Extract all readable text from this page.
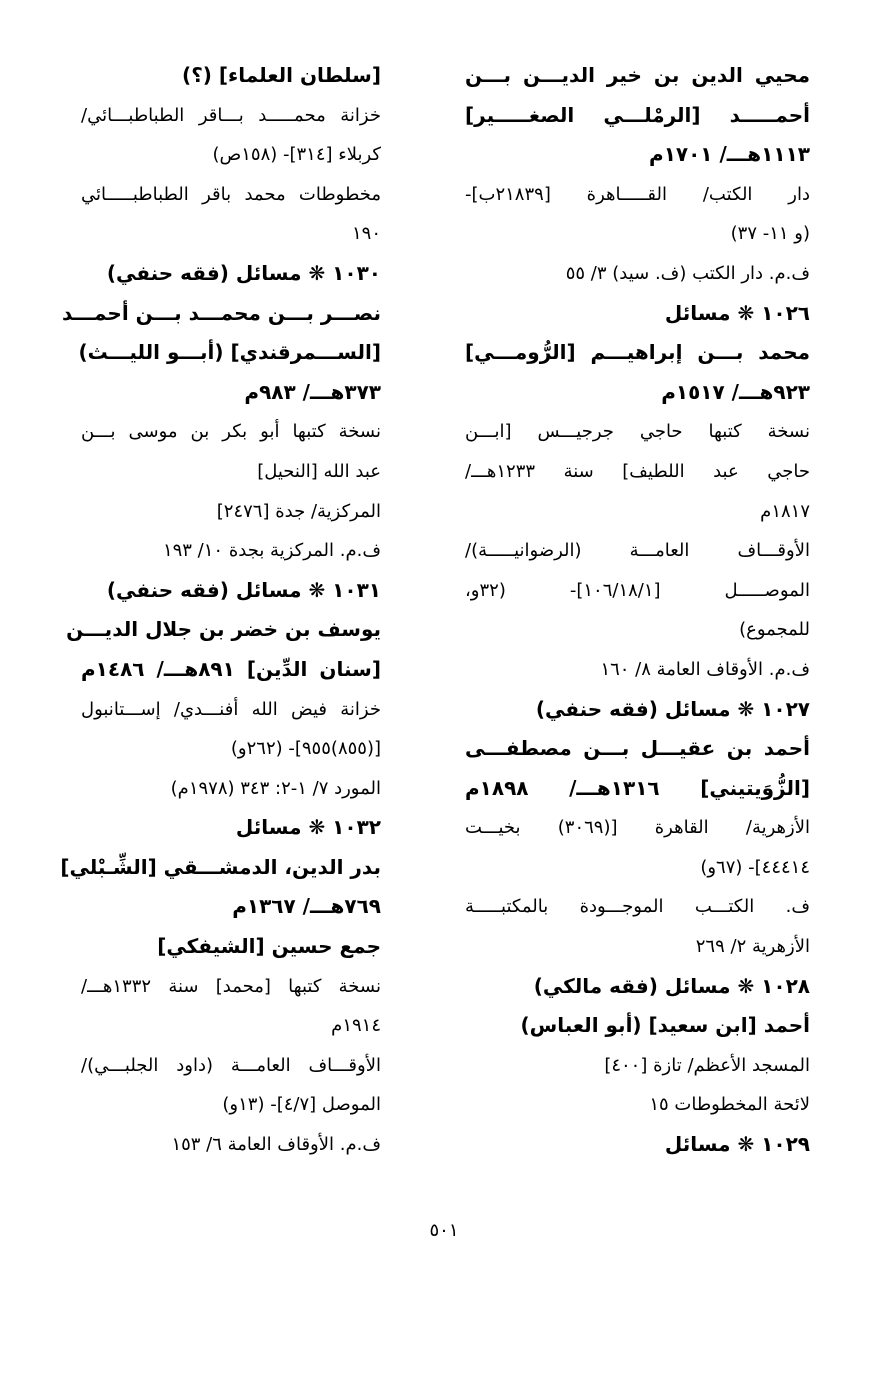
محيي الدين بن خير الديـــن بـــن
أحمـــــد [الرمْلـــي الصغـــــير]
١١١٣هـــ/ ١٧٠١م
دار الكتب/ القـــــاهرة [٢١٨٣٩ب]-
(و ١١- ٣٧)
ف.م. دار الكتب (ف. سيد) ٣/ ٥٥
١٠٢٦ ❋ مسائل
محمد بـــن إبراهيـــم [الرُّومـــي]
٩٢٣هـــ/ ١٥١٧م
نسخة كتبها حاجي جرجيـــس [ابـــن
حاجي عبد اللطيف] سنة ١٢٣٣هـــ/
١٨١٧م
الأوقـــاف العامـــة (الرضوانيـــــة)/
الموصـــــل [١٠٦/١٨/١]- (٣٢و،
للمجموع)
ف.م. الأوقاف العامة ٨/ ١٦٠
١٠٢٧ ❋ مسائل (فقه حنفي)
أحمد بن عقيـــل بـــن مصطفـــى
[الزُّوَيتيني] ١٣١٦هـــ/ ١٨٩٨م
الأزهرية/ القاهرة [(٣٠٦٩) بخيـــت
٤٤٤١٤]- (٦٧و)
ف. الكتـــب الموجـــودة بالمكتبـــــة
الأزهرية ٢/ ٢٦٩
١٠٢٨ ❋ مسائل (فقه مالكي)
أحمد [ابن سعيد] (أبو العباس)
المسجد الأعظم/ تازة [٤٠٠]
لائحة المخطوطات ١٥
١٠٢٩ ❋ مسائل
[سلطان العلماء] (؟)
خزانة محمـــــد بـــاقر الطباطبـــائي/
كربلاء [٣١٤]- (١٥٨ص)
مخطوطات محمد باقر الطباطبـــــائي
١٩٠
١٠٣٠ ❋ مسائل (فقه حنفي)
نصـــر بـــن محمـــد بـــن أحمـــد
[الســـمرقندي] (أبـــو الليـــث)
٣٧٣هـــ/ ٩٨٣م
نسخة كتبها أبو بكر بن موسى بـــن
عبد الله [النحيل]
المركزية/ جدة [٢٤٧٦]
ف.م. المركزية بجدة ١٠/ ١٩٣
١٠٣١ ❋ مسائل (فقه حنفي)
يوسف بن خضر بن جلال الديـــن
[سنان الدِّين] ٨٩١هـــ/ ١٤٨٦م
خزانة فيض الله أفنـــدي/ إســـتانبول
[(٨٥٥)٩٥٥]- (٢٦٢و)
المورد ٧/ ١-٢: ٣٤٣ (١٩٧٨م)
١٠٣٢ ❋ مسائل
بدر الدين، الدمشـــقي [الشِّـبْلي]
٧٦٩هـــ/ ١٣٦٧م
جمع حسين [الشيفكي]
نسخة كتبها [محمد] سنة ١٣٣٢هـــ/
١٩١٤م
الأوقـــاف العامـــة (داود الجلبـــي)/
الموصل [٤/٧]- (١٣و)
ف.م. الأوقاف العامة ٦/ ١٥٣
٥٠١
